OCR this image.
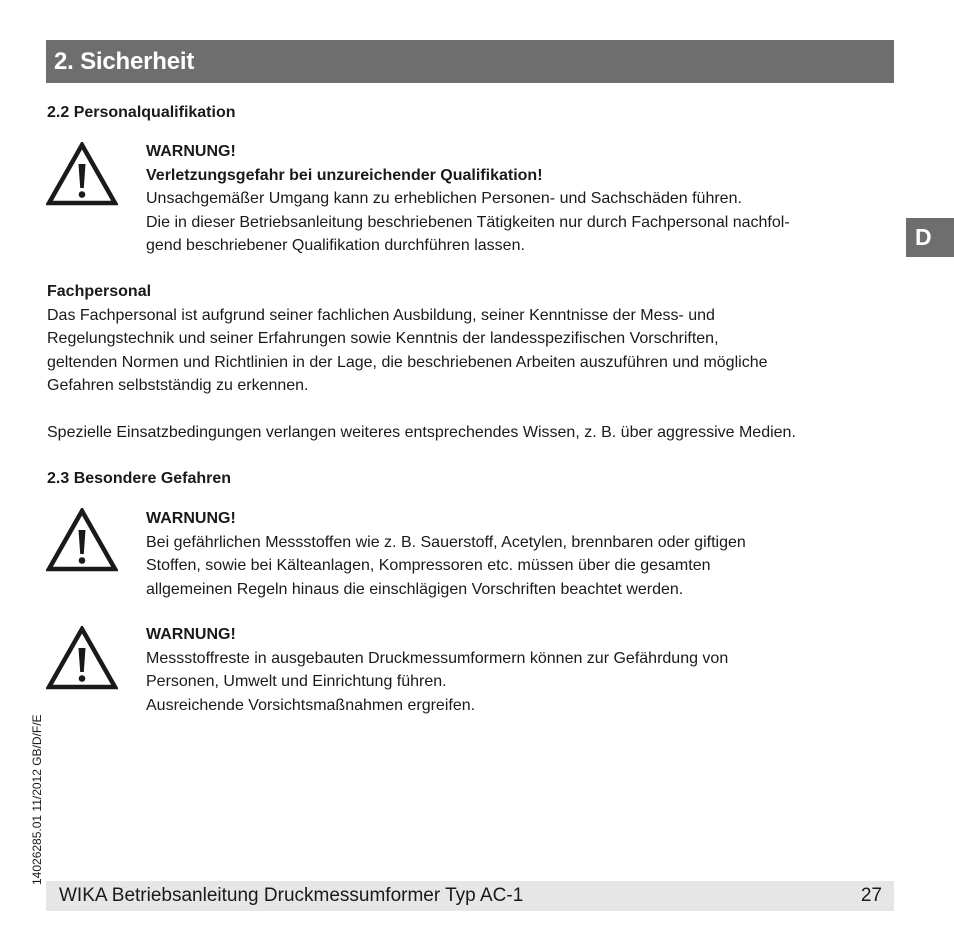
2. Sicherheit
D
14026285.01 11/2012 GB/D/F/E

2.2 Personalqualifikation

WARNUNG!

Verletzungsgefahr bei unzureichender Qualifikation!

Unsachgemäßer Umgang kann zu erheblichen Personen- und Sachschäden führen.

Die in dieser Betriebsanleitung beschriebenen Tätigkeiten nur durch Fachpersonal nachfol-

gend beschriebener Qualifikation durchführen lassen.

Fachpersonal

Das Fachpersonal ist aufgrund seiner fachlichen Ausbildung, seiner Kenntnisse der Mess- und

Regelungstechnik und seiner Erfahrungen sowie Kenntnis der landesspezifischen Vorschriften,

geltenden Normen und Richtlinien in der Lage, die beschriebenen Arbeiten auszuführen und mögliche

Gefahren selbstständig zu erkennen.

Spezielle Einsatzbedingungen verlangen weiteres entsprechendes Wissen, z. B. über aggressive Medien.

2.3 Besondere Gefahren

WARNUNG!

Bei gefährlichen Messstoffen wie z. B. Sauerstoff, Acetylen, brennbaren oder giftigen

Stoffen, sowie bei Kälteanlagen, Kompressoren etc. müssen über die gesamten

allgemeinen Regeln hinaus die einschlägigen Vorschriften beachtet werden.

WARNUNG!

Messstoffreste in ausgebauten Druckmessumformern können zur Gefährdung von

Personen, Umwelt und Einrichtung führen.

Ausreichende Vorsichtsmaßnahmen ergreifen.

WIKA Betriebsanleitung Druckmessumformer Typ AC-1	27
